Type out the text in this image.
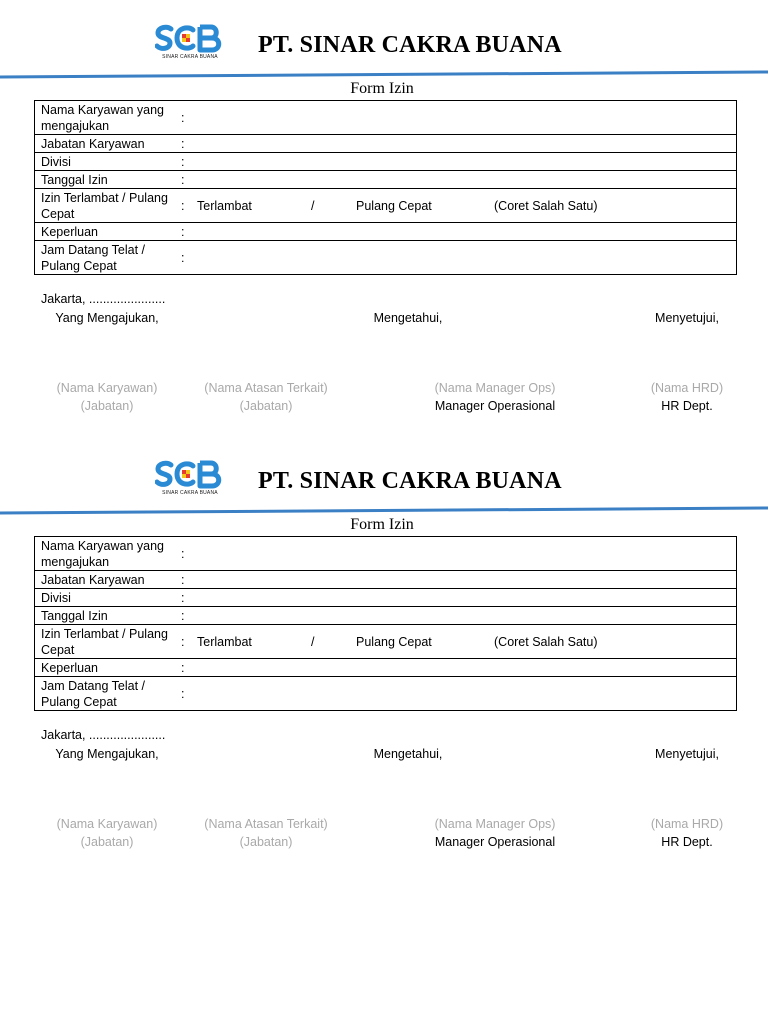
SINAR CAKRA BUANA PT. SINAR CAKRA BUANA
Form Izin
Nama Karyawan yang mengajukan	:	
Jabatan Karyawan	:	
Divisi	:	
Tanggal Izin	:	
Izin Terlambat / Pulang Cepat	:	Terlambat / Pulang Cepat (Coret Salah Satu)

Keperluan	:	
Jam Datang Telat / Pulang Cepat	:	
Jakarta, ......................
Yang Mengajukan,	Mengetahui,	Menyetujui,
(Nama Karyawan)	(Nama Atasan Terkait)	(Nama Manager Ops)	(Nama HRD)
(Jabatan)	(Jabatan)	Manager Operasional	HR Dept.
SINAR CAKRA BUANA PT. SINAR CAKRA BUANA
Form Izin
Nama Karyawan yang mengajukan	:	
Jabatan Karyawan	:	
Divisi	:	
Tanggal Izin	:	
Izin Terlambat / Pulang Cepat	:	Terlambat / Pulang Cepat (Coret Salah Satu)

Keperluan	:	
Jam Datang Telat / Pulang Cepat	:	
Jakarta, ......................
Yang Mengajukan,	Mengetahui,	Menyetujui,
(Nama Karyawan)	(Nama Atasan Terkait)	(Nama Manager Ops)	(Nama HRD)
(Jabatan)	(Jabatan)	Manager Operasional	HR Dept.
